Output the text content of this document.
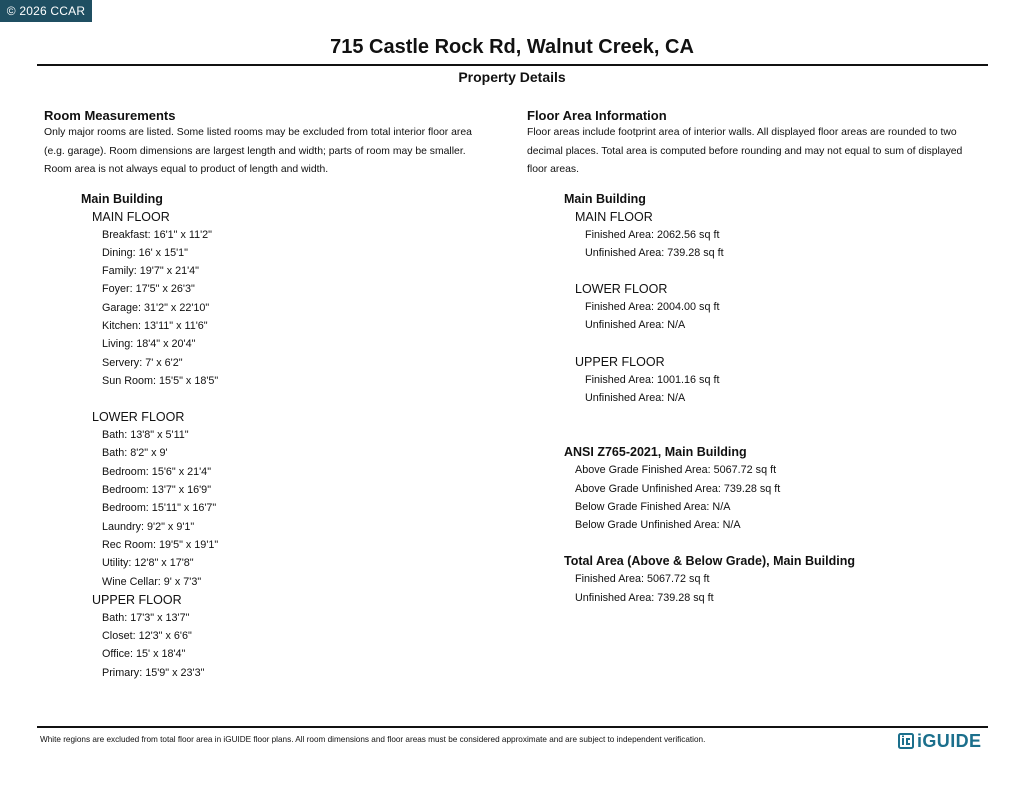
© 2026 CCAR
715 Castle Rock Rd, Walnut Creek, CA
Property Details
Room Measurements
Only major rooms are listed. Some listed rooms may be excluded from total interior floor area
(e.g. garage). Room dimensions are largest length and width; parts of room may be smaller.
Room area is not always equal to product of length and width.
Main Building
MAIN FLOOR
Breakfast: 16'1" x 11'2"
Dining: 16' x 15'1"
Family: 19'7" x 21'4"
Foyer: 17'5" x 26'3"
Garage: 31'2" x 22'10"
Kitchen: 13'11" x 11'6"
Living: 18'4" x 20'4"
Servery: 7' x 6'2"
Sun Room: 15'5" x 18'5"
LOWER FLOOR
Bath: 13'8" x 5'11"
Bath: 8'2" x 9'
Bedroom: 15'6" x 21'4"
Bedroom: 13'7" x 16'9"
Bedroom: 15'11" x 16'7"
Laundry: 9'2" x 9'1"
Rec Room: 19'5" x 19'1"
Utility: 12'8" x 17'8"
Wine Cellar: 9' x 7'3"
UPPER FLOOR
Bath: 17'3" x 13'7"
Closet: 12'3" x 6'6"
Office: 15' x 18'4"
Primary: 15'9" x 23'3"
Floor Area Information
Floor areas include footprint area of interior walls. All displayed floor areas are rounded to two
decimal places. Total area is computed before rounding and may not equal to sum of displayed
floor areas.
Main Building
MAIN FLOOR
Finished Area: 2062.56 sq ft
Unfinished Area: 739.28 sq ft
LOWER FLOOR
Finished Area: 2004.00 sq ft
Unfinished Area: N/A
UPPER FLOOR
Finished Area: 1001.16 sq ft
Unfinished Area: N/A
ANSI Z765-2021, Main Building
Above Grade Finished Area: 5067.72 sq ft
Above Grade Unfinished Area: 739.28 sq ft
Below Grade Finished Area: N/A
Below Grade Unfinished Area: N/A
Total Area (Above & Below Grade), Main Building
Finished Area: 5067.72 sq ft
Unfinished Area: 739.28 sq ft
White regions are excluded from total floor area in iGUIDE floor plans. All room dimensions and floor areas must be considered approximate and are subject to independent verification.	iGUIDE
